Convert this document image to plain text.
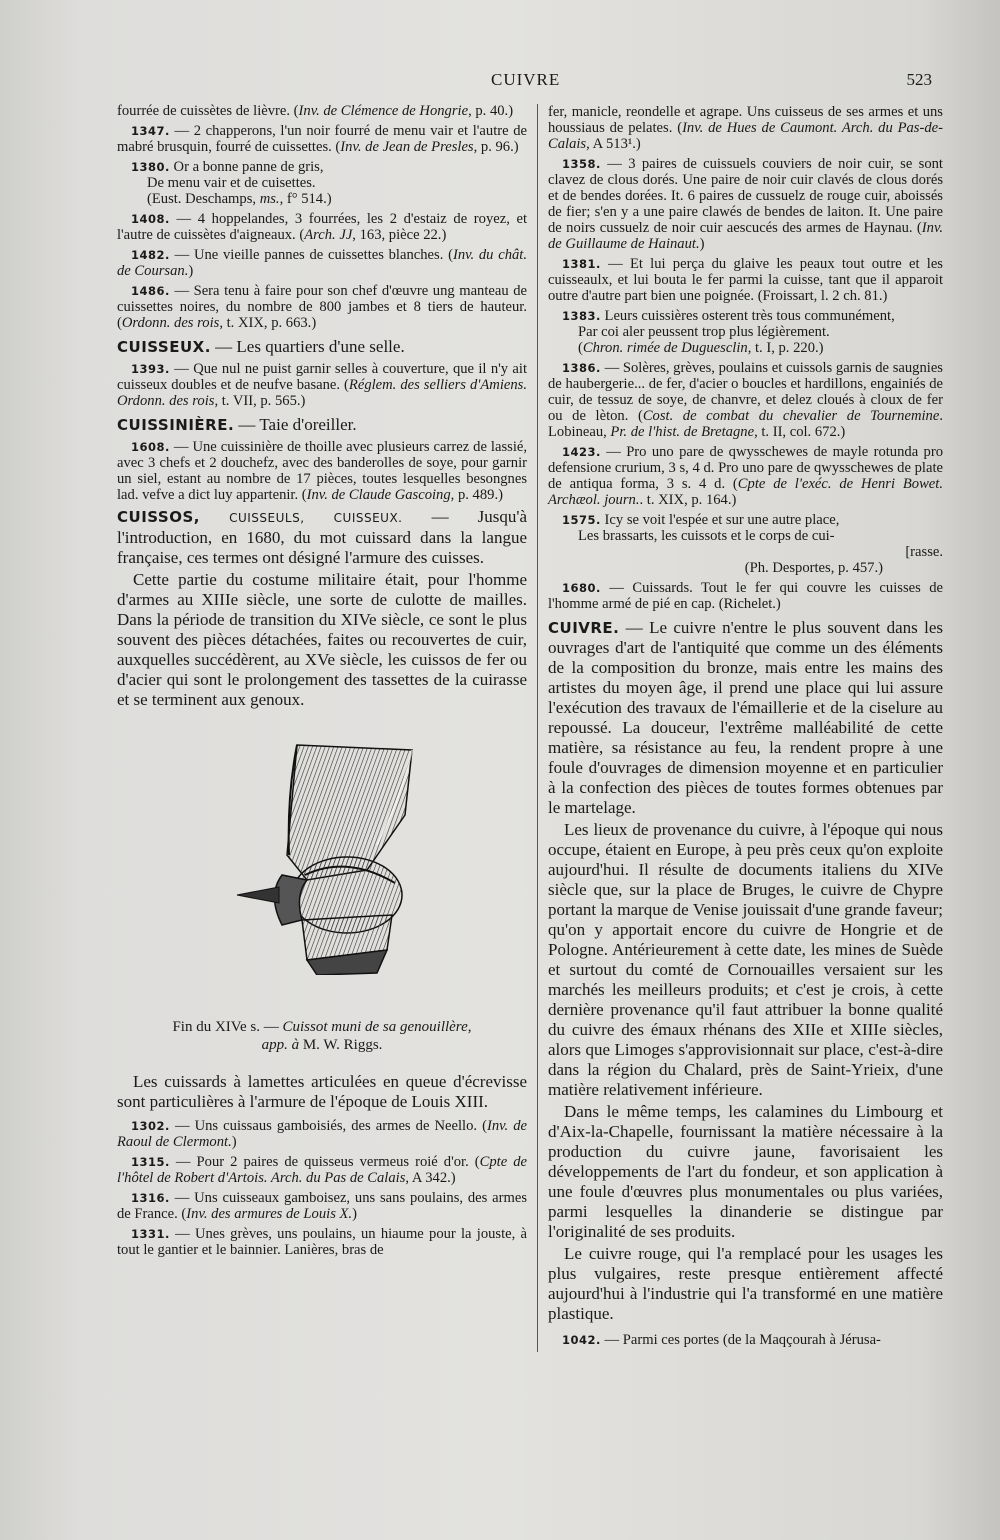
CUIVRE	523

fourrée de cuissètes de lièvre. (Inv. de Clémence de Hongrie, p. 40.)

1347. — 2 chapperons, l'un noir fourré de menu vair et l'autre de mabré brusquin, fourré de cuissettes. (Inv. de Jean de Presles, p. 96.)

1380. Or a bonne panne de gris,
De menu vair et de cuisettes.
(Eust. Deschamps, ms., f° 514.)

1408. — 4 hoppelandes, 3 fourrées, les 2 d'estaiz de royez, et l'autre de cuissètes d'aigneaux. (Arch. JJ, 163, pièce 22.)

1482. — Une vieille pannes de cuissettes blanches. (Inv. du chât. de Coursan.)

1486. — Sera tenu à faire pour son chef d'œuvre ung manteau de cuissettes noires, du nombre de 800 jambes et 8 tiers de hauteur. (Ordonn. des rois, t. XIX, p. 663.)

CUISSEUX. — Les quartiers d'une selle.

1393. — Que nul ne puist garnir selles à couverture, que il n'y ait cuisseux doubles et de neufve basane. (Réglem. des selliers d'Amiens. Ordonn. des rois, t. VII, p. 565.)

CUISSINIÈRE. — Taie d'oreiller.

1608. — Une cuissinière de thoille avec plusieurs carrez de lassié, avec 3 chefs et 2 douchefz, avec des banderolles de soye, pour garnir un siel, estant au nombre de 17 pièces, toutes lesquelles besongnes lad. vefve a dict luy appartenir. (Inv. de Claude Gascoing, p. 489.)

CUISSOS, CUISSEULS, CUISSEUX. — Jusqu'à l'introduction, en 1680, du mot cuissard dans la langue française, ces termes ont désigné l'armure des cuisses.
Cette partie du costume militaire était, pour l'homme d'armes au XIIIe siècle, une sorte de culotte de mailles. Dans la période de transition du XIVe siècle, ce sont le plus souvent des pièces détachées, faites ou recouvertes de cuir, auxquelles succédèrent, au XVe siècle, les cuissos de fer ou d'acier qui sont le prolongement des tassettes de la cuirasse et se terminent aux genoux.
Fin du XIVe s. — Cuissot muni de sa genouillère,
app. à M. W. Riggs.
Les cuissards à lamettes articulées en queue d'écrevisse sont particulières à l'armure de l'époque de Louis XIII.

1302. — Uns cuissaus gamboisiés, des armes de Neello. (Inv. de Raoul de Clermont.)

1315. — Pour 2 paires de quisseus vermeus roié d'or. (Cpte de l'hôtel de Robert d'Artois. Arch. du Pas de Calais, A 342.)

1316. — Uns cuisseaux gamboisez, uns sans poulains, des armes de France. (Inv. des armures de Louis X.)

1331. — Unes grèves, uns poulains, un hiaume pour la jouste, à tout le gantier et le bainnier. Lanières, bras de

fer, manicle, reondelle et agrape. Uns cuisseus de ses armes et uns houssiaus de pelates. (Inv. de Hues de Caumont. Arch. du Pas-de-Calais, A 513¹.)

1358. — 3 paires de cuissuels couviers de noir cuir, se sont clavez de clous dorés. Une paire de noir cuir clavés de clous dorés et de bendes dorées. It. 6 paires de cussuelz de rouge cuir, aboissés de fier; s'en y a une paire clawés de bendes de laiton. It. Une paire de noirs cussuelz de noir cuir aescucés des armes de Haynau. (Inv. de Guillaume de Hainaut.)

1381. — Et lui perça du glaive les peaux tout outre et les cuisseaulx, et lui bouta le fer parmi la cuisse, tant que il apparoit outre d'autre part bien une poignée. (Froissart, l. 2 ch. 81.)

1383. Leurs cuissières osterent très tous communément,
Par coi aler peussent trop plus légièrement.
(Chron. rimée de Duguesclin, t. I, p. 220.)

1386. — Solères, grèves, poulains et cuissols garnis de saugnies de haubergerie... de fer, d'acier o boucles et hardillons, engainiés de cuir, de tessuz de soye, de chanvre, et delez cloués à cloux de fer ou de lèton. (Cost. de combat du chevalier de Tournemine. Lobineau, Pr. de l'hist. de Bretagne, t. II, col. 672.)

1423. — Pro uno pare de qwysschewes de mayle rotunda pro defensione crurium, 3 s, 4 d. Pro uno pare de qwysschewes de plate de antiqua forma, 3 s. 4 d. (Cpte de l'exéc. de Henri Bowet. Archæol. journ.. t. XIX, p. 164.)

1575. Icy se voit l'espée et sur une autre place,
Les brassarts, les cuissots et le corps de cui-
[rasse.
(Ph. Desportes, p. 457.)

1680. — Cuissards. Tout le fer qui couvre les cuisses de l'homme armé de pié en cap. (Richelet.)

CUIVRE. — Le cuivre n'entre le plus souvent dans les ouvrages d'art de l'antiquité que comme un des éléments de la composition du bronze, mais entre les mains des artistes du moyen âge, il prend une place qui lui assure l'exécution des travaux de l'émaillerie et de la ciselure au repoussé. La douceur, l'extrême malléabilité de cette matière, sa résistance au feu, la rendent propre à une foule d'ouvrages de dimension moyenne et en particulier à la confection des pièces de toutes formes obtenues par le martelage.
Les lieux de provenance du cuivre, à l'époque qui nous occupe, étaient en Europe, à peu près ceux qu'on exploite aujourd'hui. Il résulte de documents italiens du XIVe siècle que, sur la place de Bruges, le cuivre de Chypre portant la marque de Venise jouissait d'une grande faveur; qu'on y apportait encore du cuivre de Hongrie et de Pologne. Antérieurement à cette date, les mines de Suède et surtout du comté de Cornouailles versaient sur les marchés les meilleurs produits; et c'est je crois, à cette dernière provenance qu'il faut attribuer la bonne qualité du cuivre des émaux rhénans des XIIe et XIIIe siècles, alors que Limoges s'approvisionnait sur place, c'est-à-dire dans la région du Chalard, près de Saint-Yrieix, d'une matière relativement inférieure.
Dans le même temps, les calamines du Limbourg et d'Aix-la-Chapelle, fournissant la matière nécessaire à la production du cuivre jaune, favorisaient les développements de l'art du fondeur, et son application à une foule d'œuvres plus monumentales ou plus variées, parmi lesquelles la dinanderie se distingue par l'originalité de ses produits.
Le cuivre rouge, qui l'a remplacé pour les usages les plus vulgaires, reste presque entièrement affecté aujourd'hui à l'industrie qui l'a transformé en une matière plastique.

1042. — Parmi ces portes (de la Maqçourah à Jérusa-
